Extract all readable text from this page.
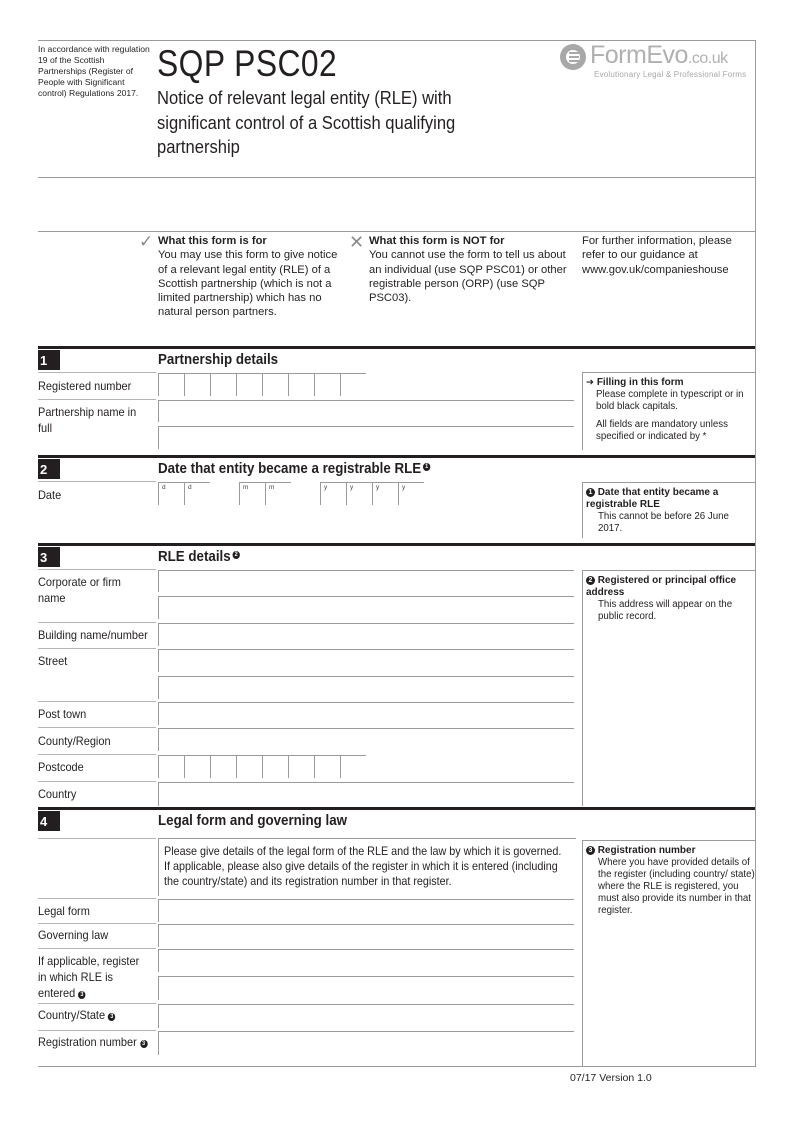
In accordance with regulation 19 of the Scottish Partnerships (Register of People with Significant control) Regulations 2017.
SQP PSC02
Notice of relevant legal entity (RLE) with significant control of a Scottish qualifying partnership
FormEvo.co.uk
Evolutionary Legal & Professional Forms
✓ What this form is for
You may use this form to give notice of a relevant legal entity (RLE) of a Scottish partnership (which is not a limited partnership) which has no natural person partners.
✕ What this form is NOT for
You cannot use the form to tell us about an individual (use SQP PSC01) or other registrable person (ORP) (use SQP PSC03).
For further information, please refer to our guidance at www.gov.uk/companieshouse
1	Partnership details
Registered number
Partnership name in full
➔ Filling in this form

Please complete in typescript or in bold black capitals.
All fields are mandatory unless specified or indicated by *
2	Date that entity became a registrable RLE 1
Date
d	d	m	m	y	y	y	y
1 Date that entity became a registrable RLE

This cannot be before 26 June 2017.
3	RLE details 2
Corporate or firm name
Building name/number
Street
Post town
County/Region
Postcode
Country
2 Registered or principal office address

This address will appear on the public record.
4	Legal form and governing law
Please give details of the legal form of the RLE and the law by which it is governed.
If applicable, please also give details of the register in which it is entered (including
the country/state) and its registration number in that register.
Legal form
Governing law
If applicable, register in which RLE is entered 3
Country/State 3
Registration number 3
3 Registration number

Where you have provided details of the register (including country/ state) where the RLE is registered, you must also provide its number in that register.
07/17 Version 1.0
